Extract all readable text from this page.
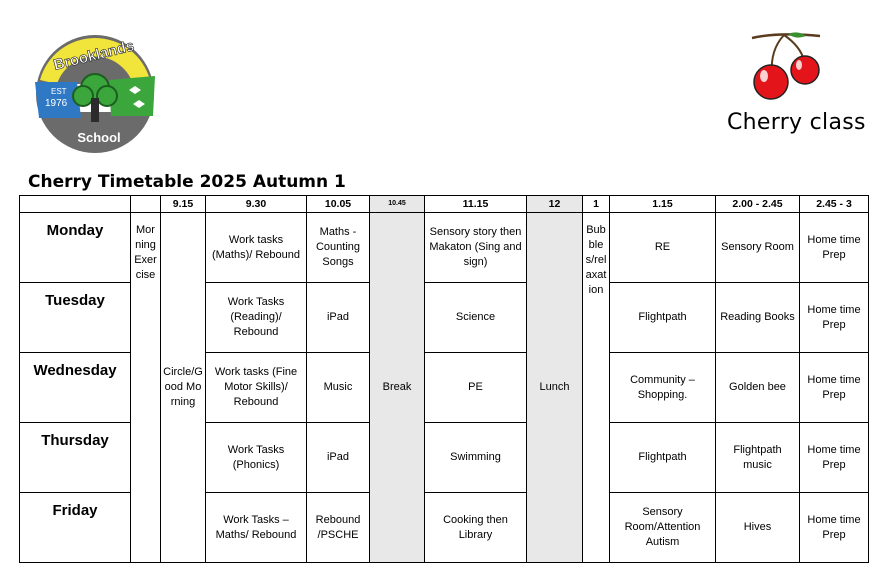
Brooklands
EST
1976
School
Cherry class
Cherry Timetable 2025 Autumn 1
		9.15	9.30	10.05	10.45	11.15	12	1	1.15	2.00 - 2.45	2.45 - 3
Monday	Morning Exercise	Circle/Good Morning	Work tasks (Maths)/ Rebound	Maths - Counting Songs	Break	Sensory story then Makaton (Sing and sign)	Lunch	Bubbles/relaxation	RE	Sensory Room	Home time Prep
Tuesday			Work Tasks (Reading)/ Rebound	iPad		Science			Flightpath	Reading Books	Home time Prep
Wednesday			Work tasks (Fine Motor Skills)/ Rebound	Music		PE			Community – Shopping.	Golden bee	Home time Prep
Thursday			Work Tasks (Phonics)	iPad		Swimming			Flightpath	Flightpath music	Home time Prep
Friday			Work Tasks – Maths/ Rebound	Rebound /PSCHE		Cooking then Library			Sensory Room/Attention Autism	Hives	Home time Prep
